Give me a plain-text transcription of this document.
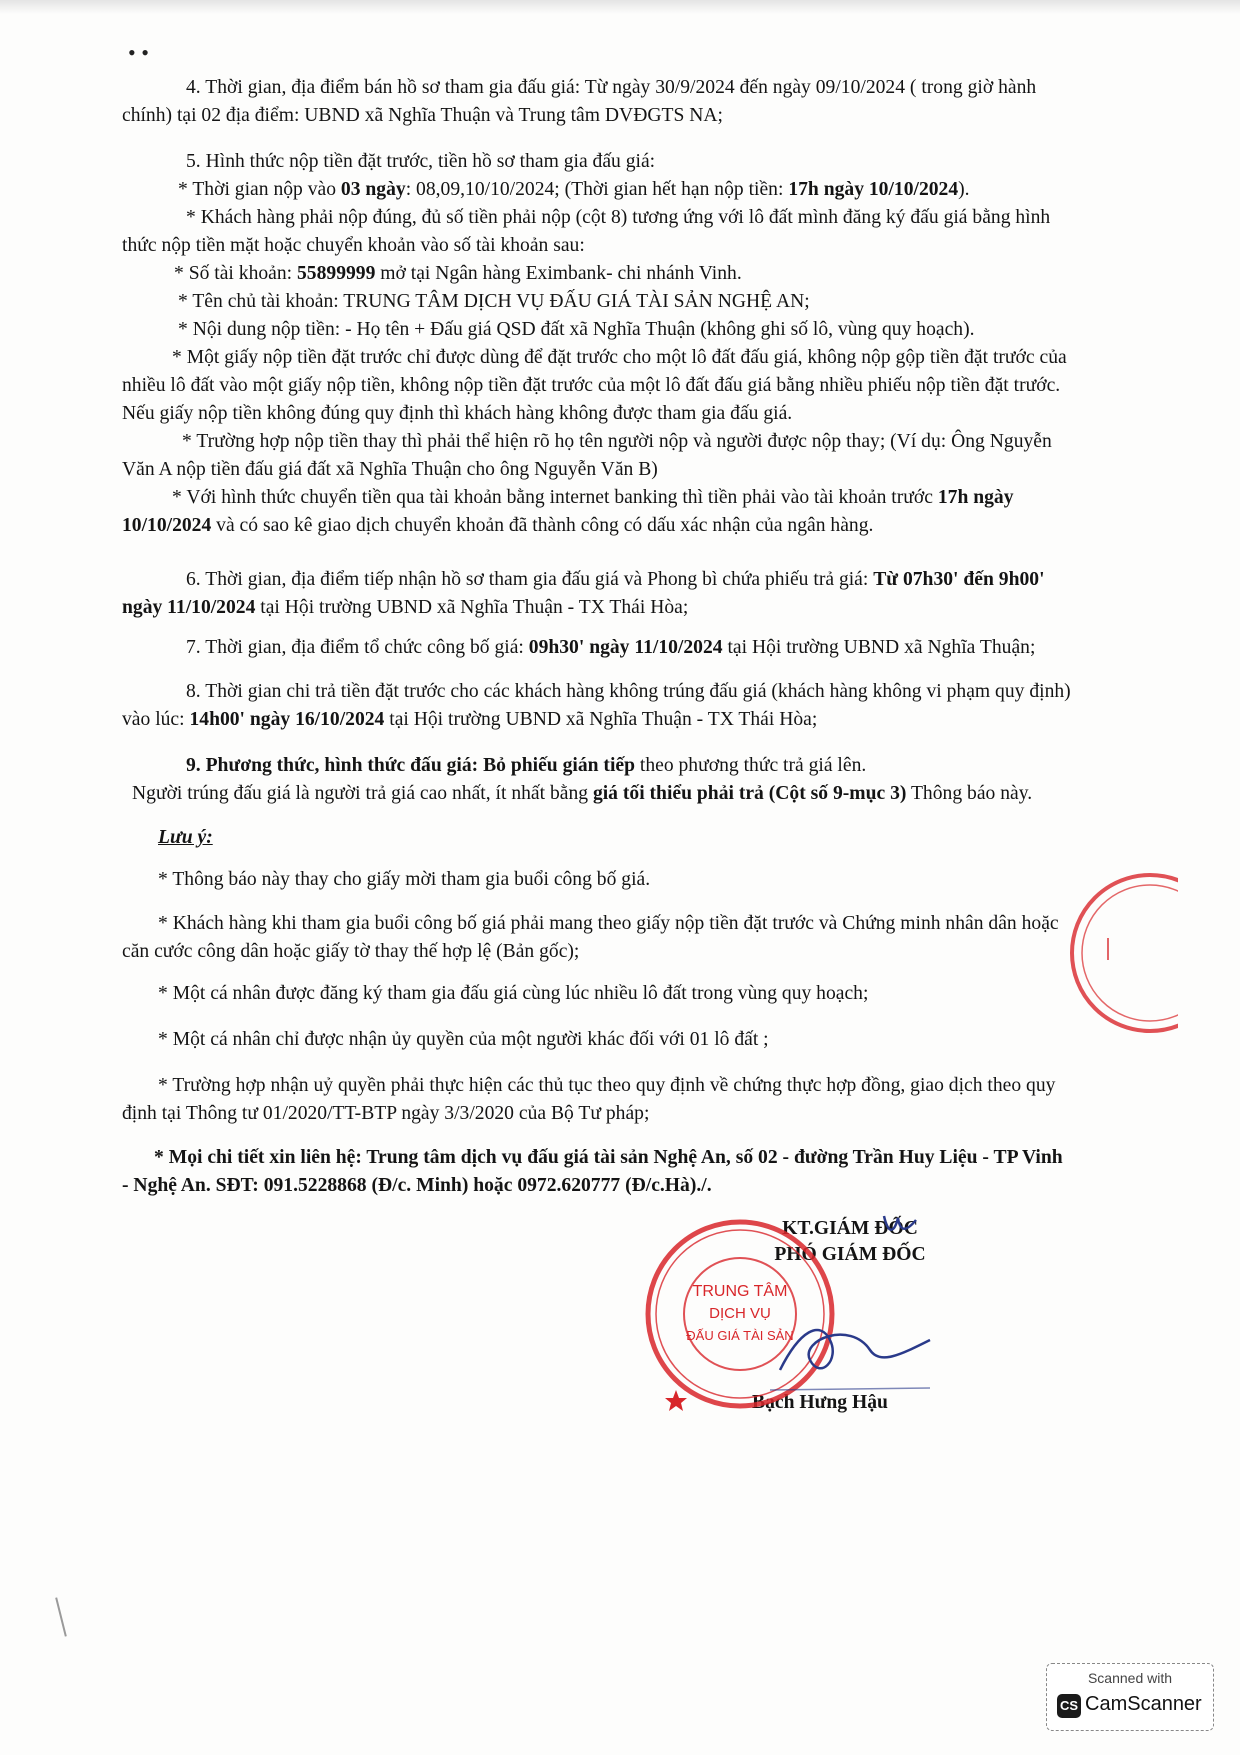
• •

4. Thời gian, địa điểm bán hồ sơ tham gia đấu giá: Từ ngày 30/9/2024 đến ngày 09/10/2024 ( trong giờ hành
chính) tại 02 địa điểm: UBND xã Nghĩa Thuận và Trung tâm DVĐGTS NA;

5. Hình thức nộp tiền đặt trước, tiền hồ sơ tham gia đấu giá:
* Thời gian nộp vào 03 ngày: 08,09,10/10/2024; (Thời gian hết hạn nộp tiền: 17h ngày 10/10/2024).
* Khách hàng phải nộp đúng, đủ số tiền phải nộp (cột 8) tương ứng với lô đất mình đăng ký đấu giá bằng hình
thức nộp tiền mặt hoặc chuyển khoản vào số tài khoản sau:
* Số tài khoản: 55899999 mở tại Ngân hàng Eximbank- chi nhánh Vinh.
* Tên chủ tài khoản: TRUNG TÂM DỊCH VỤ ĐẤU GIÁ TÀI SẢN NGHỆ AN;
* Nội dung nộp tiền: - Họ tên + Đấu giá QSD đất xã Nghĩa Thuận (không ghi số lô, vùng quy hoạch).
* Một giấy nộp tiền đặt trước chỉ được dùng để đặt trước cho một lô đất đấu giá, không nộp gộp tiền đặt trước của
nhiều lô đất vào một giấy nộp tiền, không nộp tiền đặt trước của một lô đất đấu giá bằng nhiều phiếu nộp tiền đặt trước.
Nếu giấy nộp tiền không đúng quy định thì khách hàng không được tham gia đấu giá.
* Trường hợp nộp tiền thay thì phải thể hiện rõ họ tên người nộp và người được nộp thay; (Ví dụ: Ông Nguyễn
Văn A nộp tiền đấu giá đất xã Nghĩa Thuận cho ông Nguyễn Văn B)
* Với hình thức chuyển tiền qua tài khoản bằng internet banking thì tiền phải vào tài khoản trước 17h ngày
10/10/2024 và có sao kê giao dịch chuyển khoản đã thành công có dấu xác nhận của ngân hàng.

6. Thời gian, địa điểm tiếp nhận hồ sơ tham gia đấu giá và Phong bì chứa phiếu trả giá: Từ 07h30' đến 9h00'
ngày 11/10/2024 tại Hội trường UBND xã Nghĩa Thuận - TX Thái Hòa;

7. Thời gian, địa điểm tổ chức công bố giá: 09h30' ngày 11/10/2024 tại Hội trường UBND xã Nghĩa Thuận;

8. Thời gian chi trả tiền đặt trước cho các khách hàng không trúng đấu giá (khách hàng không vi phạm quy định)
vào lúc: 14h00' ngày 16/10/2024 tại Hội trường UBND xã Nghĩa Thuận - TX Thái Hòa;

9. Phương thức, hình thức đấu giá: Bỏ phiếu gián tiếp theo phương thức trả giá lên.
Người trúng đấu giá là người trả giá cao nhất, ít nhất bằng giá tối thiểu phải trả (Cột số 9-mục 3) Thông báo này.

Lưu ý:

* Thông báo này thay cho giấy mời tham gia buổi công bố giá.

* Khách hàng khi tham gia buổi công bố giá phải mang theo giấy nộp tiền đặt trước và Chứng minh nhân dân hoặc
căn cước công dân hoặc giấy tờ thay thế hợp lệ (Bản gốc);

* Một cá nhân được đăng ký tham gia đấu giá cùng lúc nhiều lô đất trong vùng quy hoạch;

* Một cá nhân chỉ được nhận ủy quyền của một người khác đối với 01 lô đất ;

* Trường hợp nhận uỷ quyền phải thực hiện các thủ tục theo quy định về chứng thực hợp đồng, giao dịch theo quy
định tại Thông tư 01/2020/TT-BTP ngày 3/3/2020 của Bộ Tư pháp;

* Mọi chi tiết xin liên hệ: Trung tâm dịch vụ đấu giá tài sản Nghệ An, số 02 - đường Trần Huy Liệu - TP Vinh
- Nghệ An. SĐT: 091.5228868 (Đ/c. Minh) hoặc 0972.620777 (Đ/c.Hà)./.

KT.GIÁM ĐỐC
PHÓ GIÁM ĐỐC
Bạch Hưng Hậu
TRUNG TÂM
DỊCH VỤ
ĐẤU GIÁ TÀI SẢN
Scanned with
CS CamScanner
